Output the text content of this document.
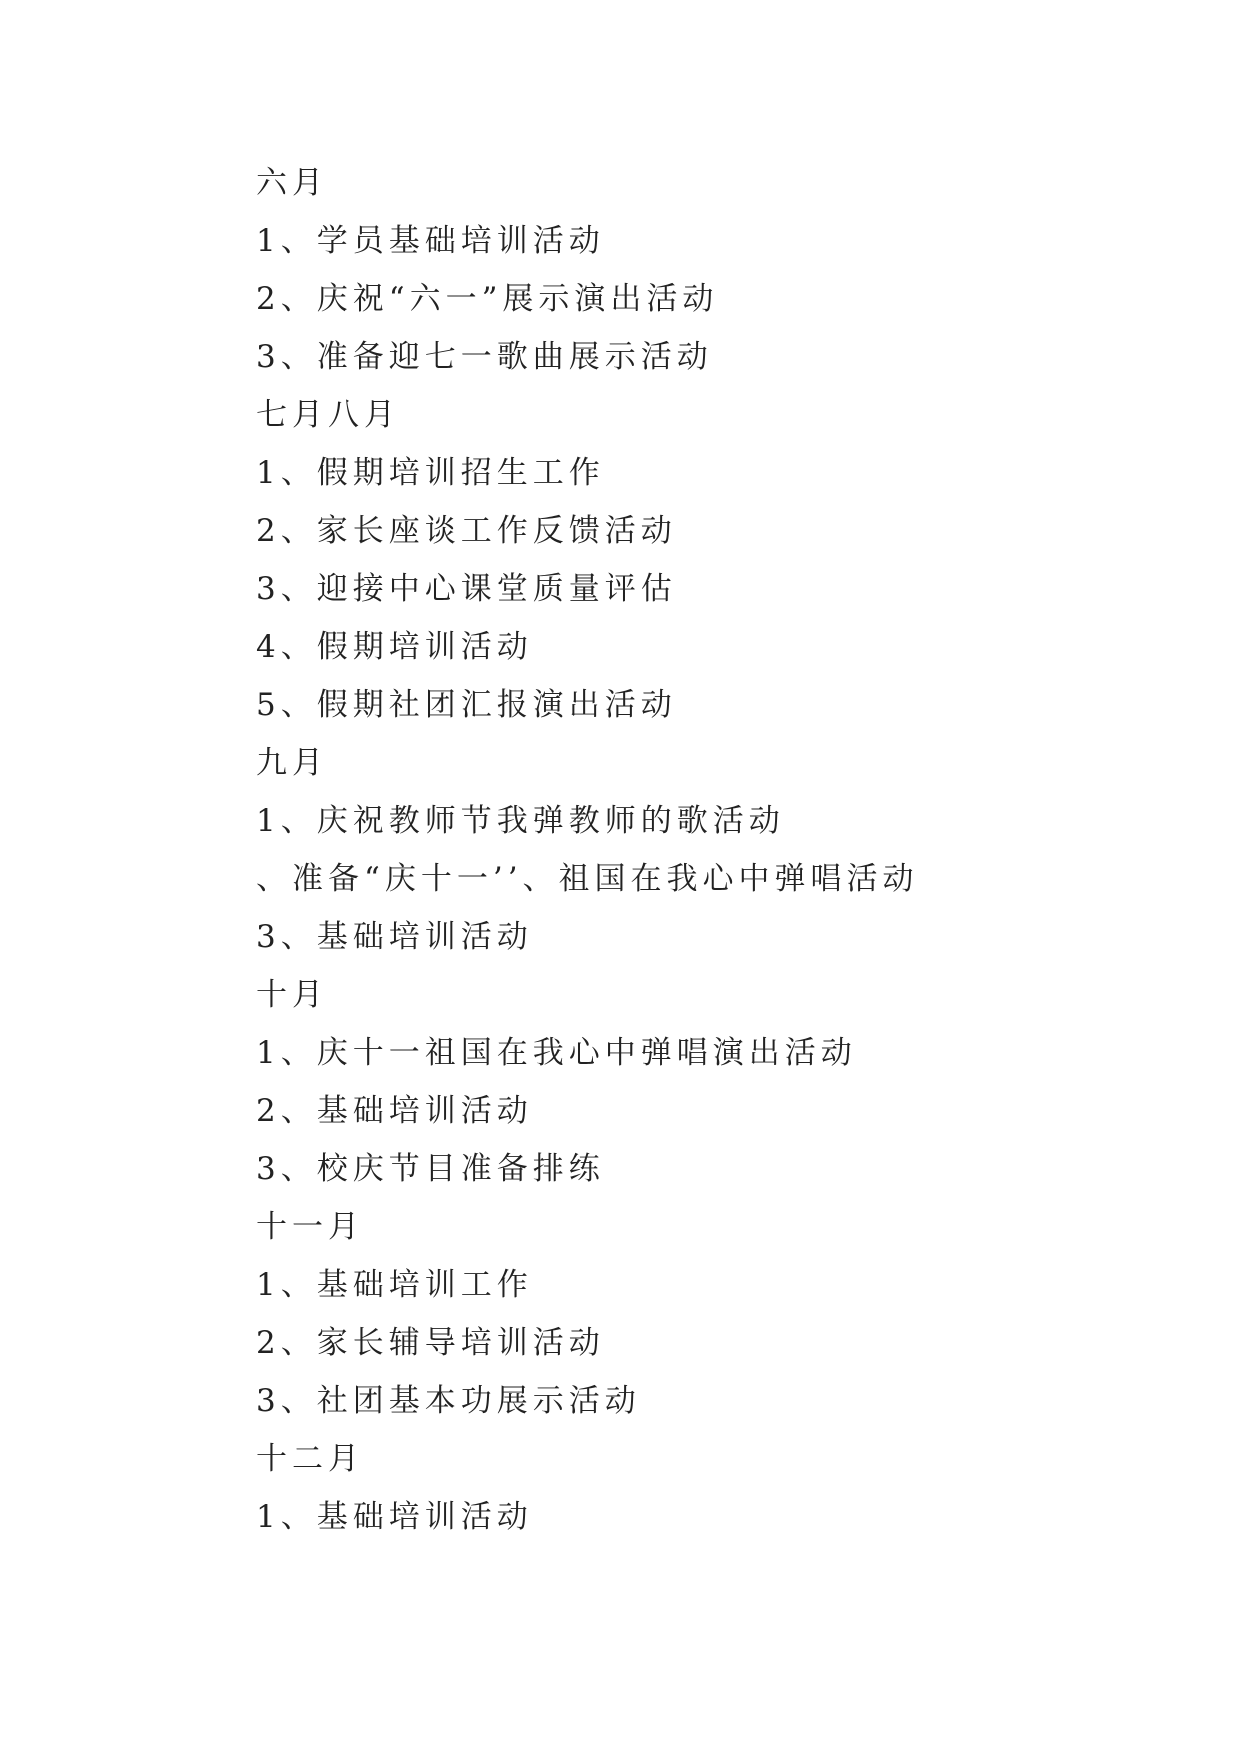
六月
1、学员基础培训活动
2、庆祝“六一”展示演出活动
3、准备迎七一歌曲展示活动
七月八月
1、假期培训招生工作
2、家长座谈工作反馈活动
3、迎接中心课堂质量评估
4、假期培训活动
5、假期社团汇报演出活动
九月
1、庆祝教师节我弹教师的歌活动
、准备“庆十一’’、祖国在我心中弹唱活动
3、基础培训活动
十月
1、庆十一祖国在我心中弹唱演出活动
2、基础培训活动
3、校庆节目准备排练
十一月
1、基础培训工作
2、家长辅导培训活动
3、社团基本功展示活动
十二月
1、基础培训活动
